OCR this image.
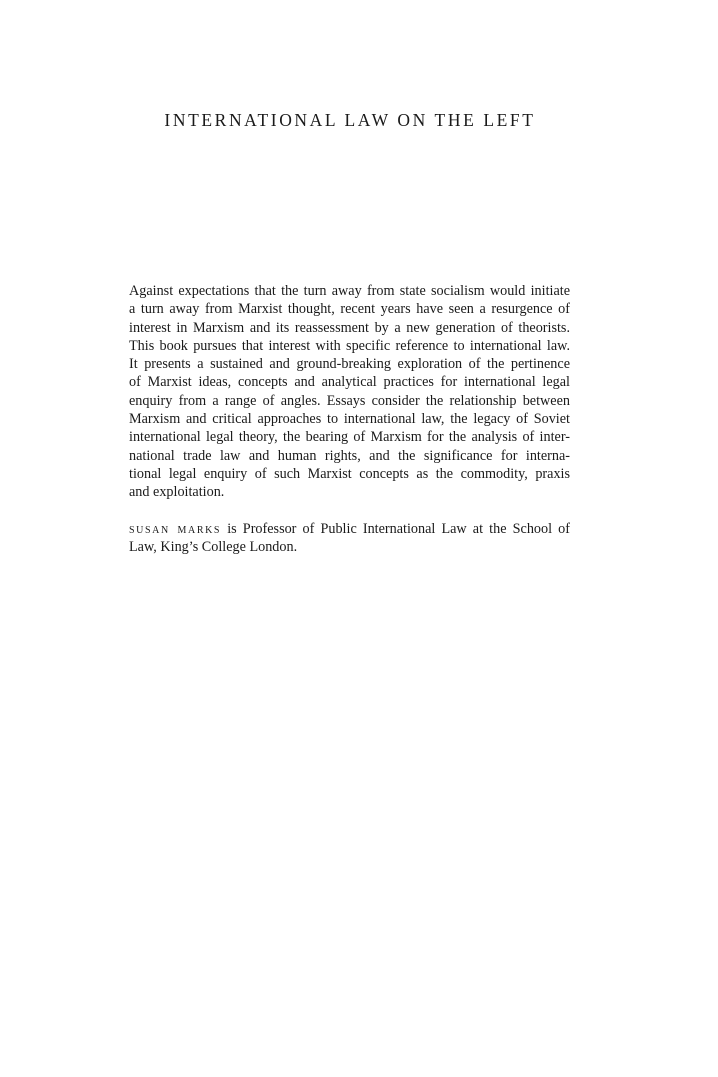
INTERNATIONAL LAW ON THE LEFT
Against expectations that the turn away from state socialism would initiate
a turn away from Marxist thought, recent years have seen a resurgence of
interest in Marxism and its reassessment by a new generation of theorists.
This book pursues that interest with specific reference to international law.
It presents a sustained and ground-breaking exploration of the pertinence
of Marxist ideas, concepts and analytical practices for international legal
enquiry from a range of angles. Essays consider the relationship between
Marxism and critical approaches to international law, the legacy of Soviet
international legal theory, the bearing of Marxism for the analysis of inter-
national trade law and human rights, and the significance for interna-
tional legal enquiry of such Marxist concepts as the commodity, praxis
and exploitation.
susan marks is Professor of Public International Law at the School of
Law, King’s College London.
